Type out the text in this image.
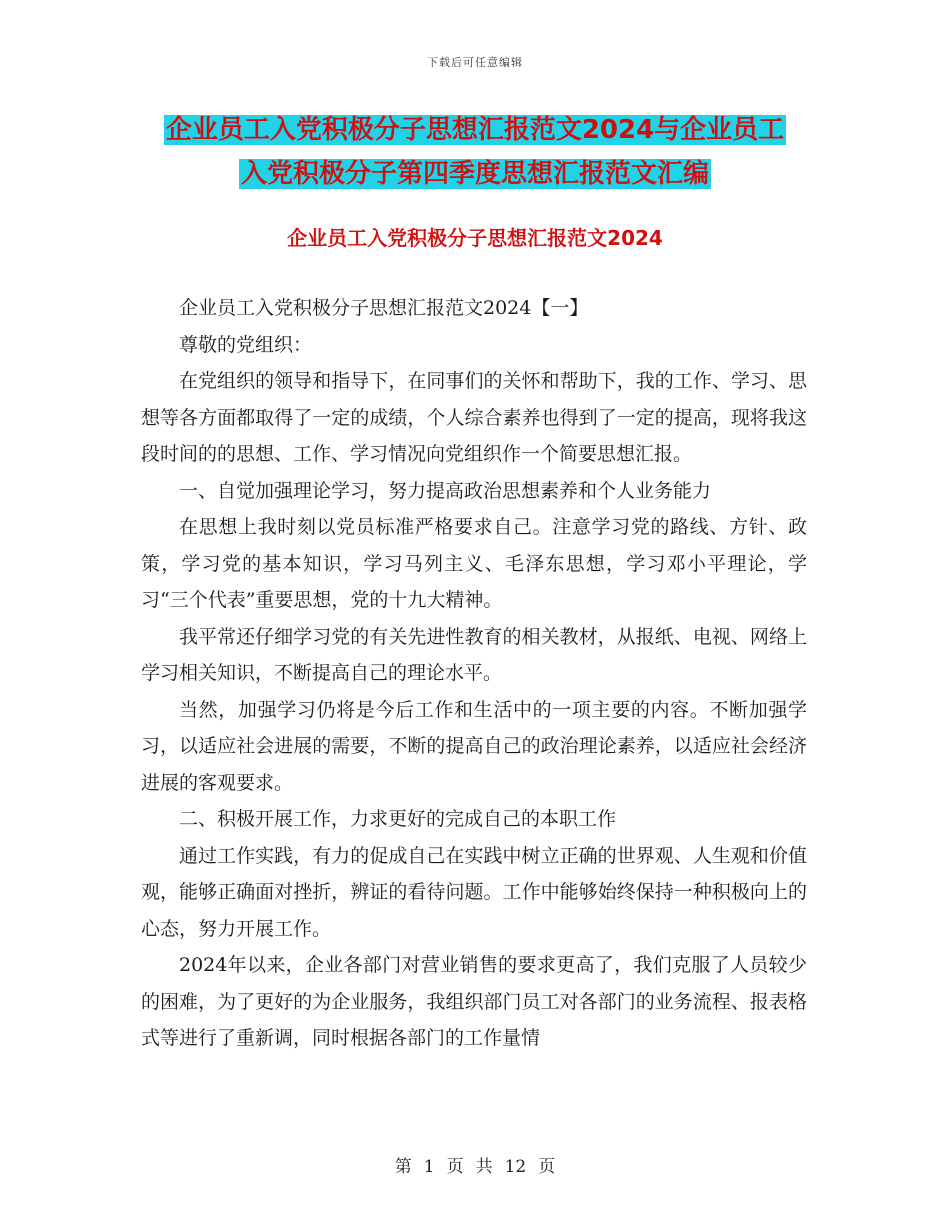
下载后可任意编辑
企业员工入党积极分子思想汇报范文2024与企业员工
入党积极分子第四季度思想汇报范文汇编
企业员工入党积极分子思想汇报范文2024

企业员工入党积极分子思想汇报范文2024【一】

尊敬的党组织：

在党组织的领导和指导下，在同事们的关怀和帮助下，我的工作、学习、思想等各方面都取得了一定的成绩，个人综合素养也得到了一定的提高，现将我这段时间的的思想、工作、学习情况向党组织作一个简要思想汇报。

一、自觉加强理论学习，努力提高政治思想素养和个人业务能力

在思想上我时刻以党员标准严格要求自己。注意学习党的路线、方针、政策，学习党的基本知识，学习马列主义、毛泽东思想，学习邓小平理论，学习“三个代表”重要思想，党的十九大精神。

我平常还仔细学习党的有关先进性教育的相关教材，从报纸、电视、网络上学习相关知识，不断提高自己的理论水平。

当然，加强学习仍将是今后工作和生活中的一项主要的内容。不断加强学习，以适应社会进展的需要，不断的提高自己的政治理论素养，以适应社会经济进展的客观要求。

二、积极开展工作，力求更好的完成自己的本职工作

通过工作实践，有力的促成自己在实践中树立正确的世界观、人生观和价值观，能够正确面对挫折，辨证的看待问题。工作中能够始终保持一种积极向上的心态，努力开展工作。

2024年以来，企业各部门对营业销售的要求更高了，我们克服了人员较少的困难，为了更好的为企业服务，我组织部门员工对各部门的业务流程、报表格式等进行了重新调，同时根据各部门的工作量情

第 1 页 共 12 页
